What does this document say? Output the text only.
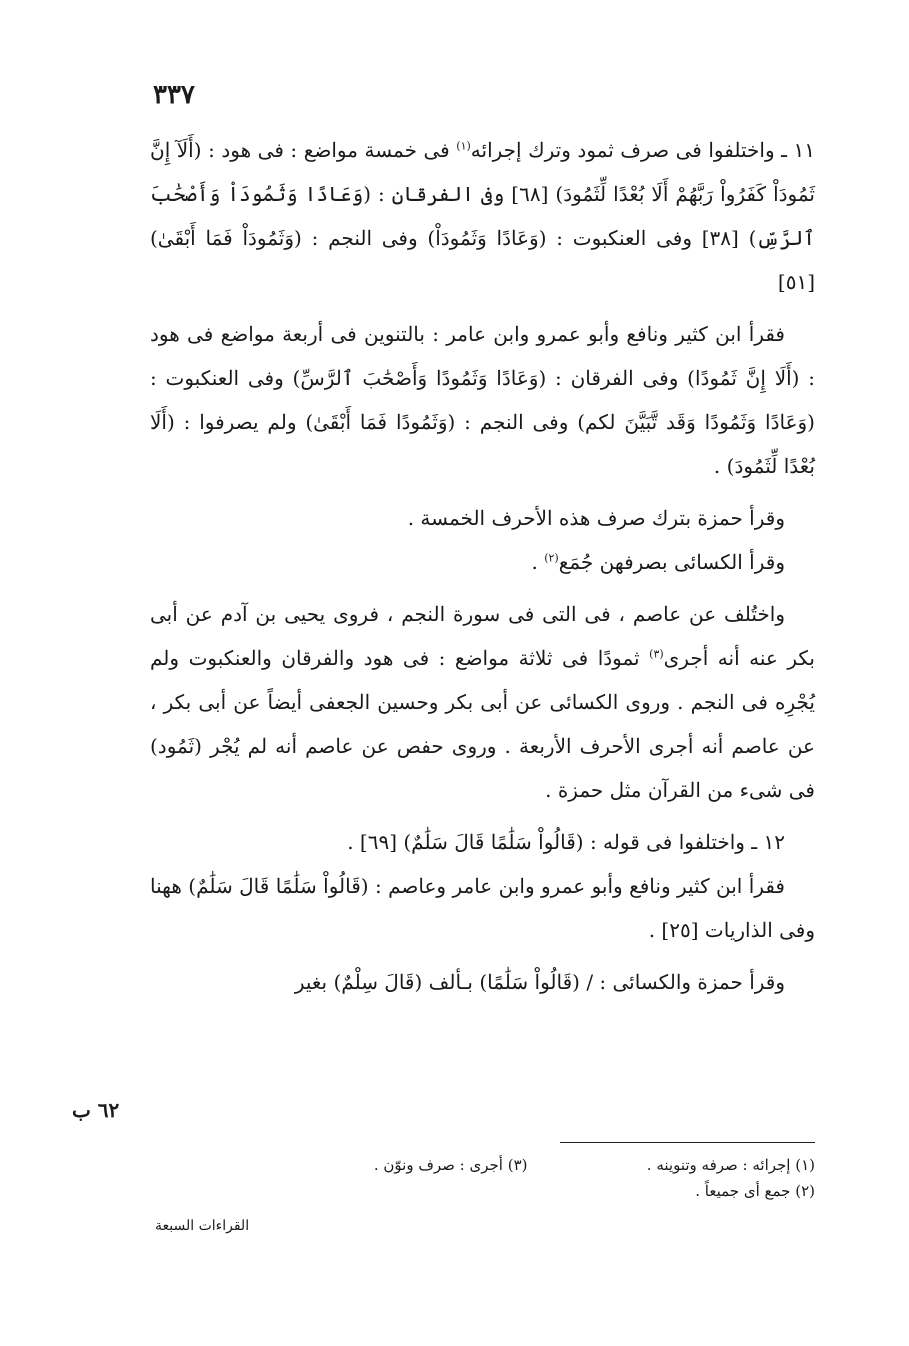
٣٣٧

١١ ـ واختلفوا فى صرف ثمود وترك إجرائه$^{(١)}$ فى خمسة مواضع : فى هود : (أَلَآ إِنَّ ثَمُودَاْ كَفَرُواْ رَبَّهُمْ أَلَا بُعْدًا لِّثَمُودَ) [٦٨] وفى الفرقان : (وَعَادًا وَثَمُودَاْ وَأَصْحَٰبَ ٱلرَّسِّ) [٣٨] وفى العنكبوت : (وَعَادًا وَثَمُودَاْ) وفى النجم : (وَثَمُودَاْ فَمَا أَبْقَىٰ) [٥١]

فقرأ ابن كثير ونافع وأبو عمرو وابن عامر : بالتنوين فى أربعة مواضع فى هود : (أَلَا إِنَّ ثَمُودًا) وفى الفرقان : (وَعَادًا وَثَمُودًا وَأَصْحَٰبَ ٱلرَّسِّ) وفى العنكبوت : (وَعَادًا وَثَمُودًا وَقَد تَّبَيَّنَ لكم) وفى النجم : (وَثَمُودًا فَمَا أَبْقَىٰ) ولم يصرفوا : (أَلَا بُعْدًا لِّثَمُودَ) .

وقرأ حمزة بترك صرف هذه الأحرف الخمسة .

وقرأ الكسائى بصرفهن جُمَع$^{(٢)}$ .

واختُلف عن عاصم ، فى التى فى سورة النجم ، فروى يحيى بن آدم عن أبى بكر عنه أنه أجرى$^{(٣)}$ ثمودًا فى ثلاثة مواضع : فى هود والفرقان والعنكبوت ولم يُجْرِه فى النجم . وروى الكسائى عن أبى بكر وحسين الجعفى أيضاً عن أبى بكر ، عن عاصم أنه أجرى الأحرف الأربعة . وروى حفص عن عاصم أنه لم يُجْر (ثَمُود) فى شىء من القرآن مثل حمزة .

١٢ ـ واختلفوا فى قوله : (قَالُواْ سَلَٰمًا قَالَ سَلَٰمٌ) [٦٩] .

فقرأ ابن كثير ونافع وأبو عمرو وابن عامر وعاصم : (قَالُواْ سَلَٰمًا قَالَ سَلَٰمٌ) ههنا وفى الذاريات [٢٥] .

وقرأ حمزة والكسائى : / (قَالُواْ سَلَٰمًا) بـألف (قَالَ سِلْمٌ) بغير

٦٢ ب
(١) إجرائه : صرفه وتنوينه .
(٣) أجرى : صرف ونوّن .
(٢) جمع أى جميعاً .
القراءات السبعة
